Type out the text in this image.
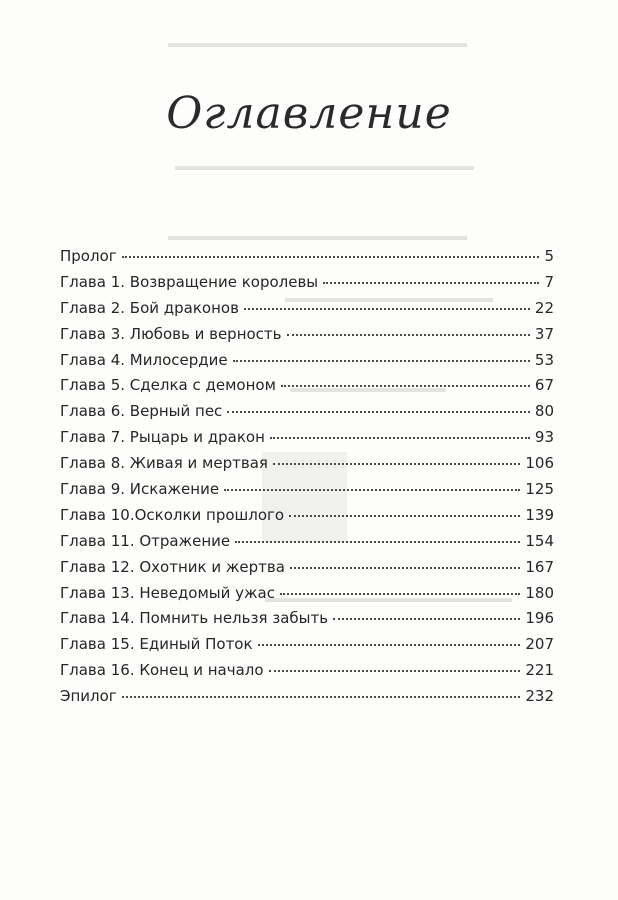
▬▬▬▬▬▬▬▬▬▬▬▬▬▬▬▬▬▬▬▬▬▬▬
▬▬▬▬▬▬▬▬▬▬▬▬▬▬▬▬▬▬▬▬▬▬▬
▬▬▬▬▬▬▬▬▬▬▬▬▬▬▬▬▬▬▬▬▬▬▬
▬▬▬▬▬▬▬▬▬▬▬▬▬▬▬▬
▬▬▬▬▬▬▬▬▬▬▬▬
▬▬▬▬▬▬▬▬▬▬▬▬▬▬▬▬▬▬▬
Оглавление
Пролог	5
Глава 1. Возвращение королевы	7
Глава 2. Бой драконов	22
Глава 3. Любовь и верность	37
Глава 4. Милосердие	53
Глава 5. Сделка с демоном	67
Глава 6. Верный пес	80
Глава 7. Рыцарь и дракон	93
Глава 8. Живая и мертвая	106
Глава 9. Искажение	125
Глава 10.Осколки прошлого	139
Глава 11. Отражение	154
Глава 12. Охотник и жертва	167
Глава 13. Неведомый ужас	180
Глава 14. Помнить нельзя забыть	196
Глава 15. Единый Поток	207
Глава 16. Конец и начало	221
Эпилог	232
